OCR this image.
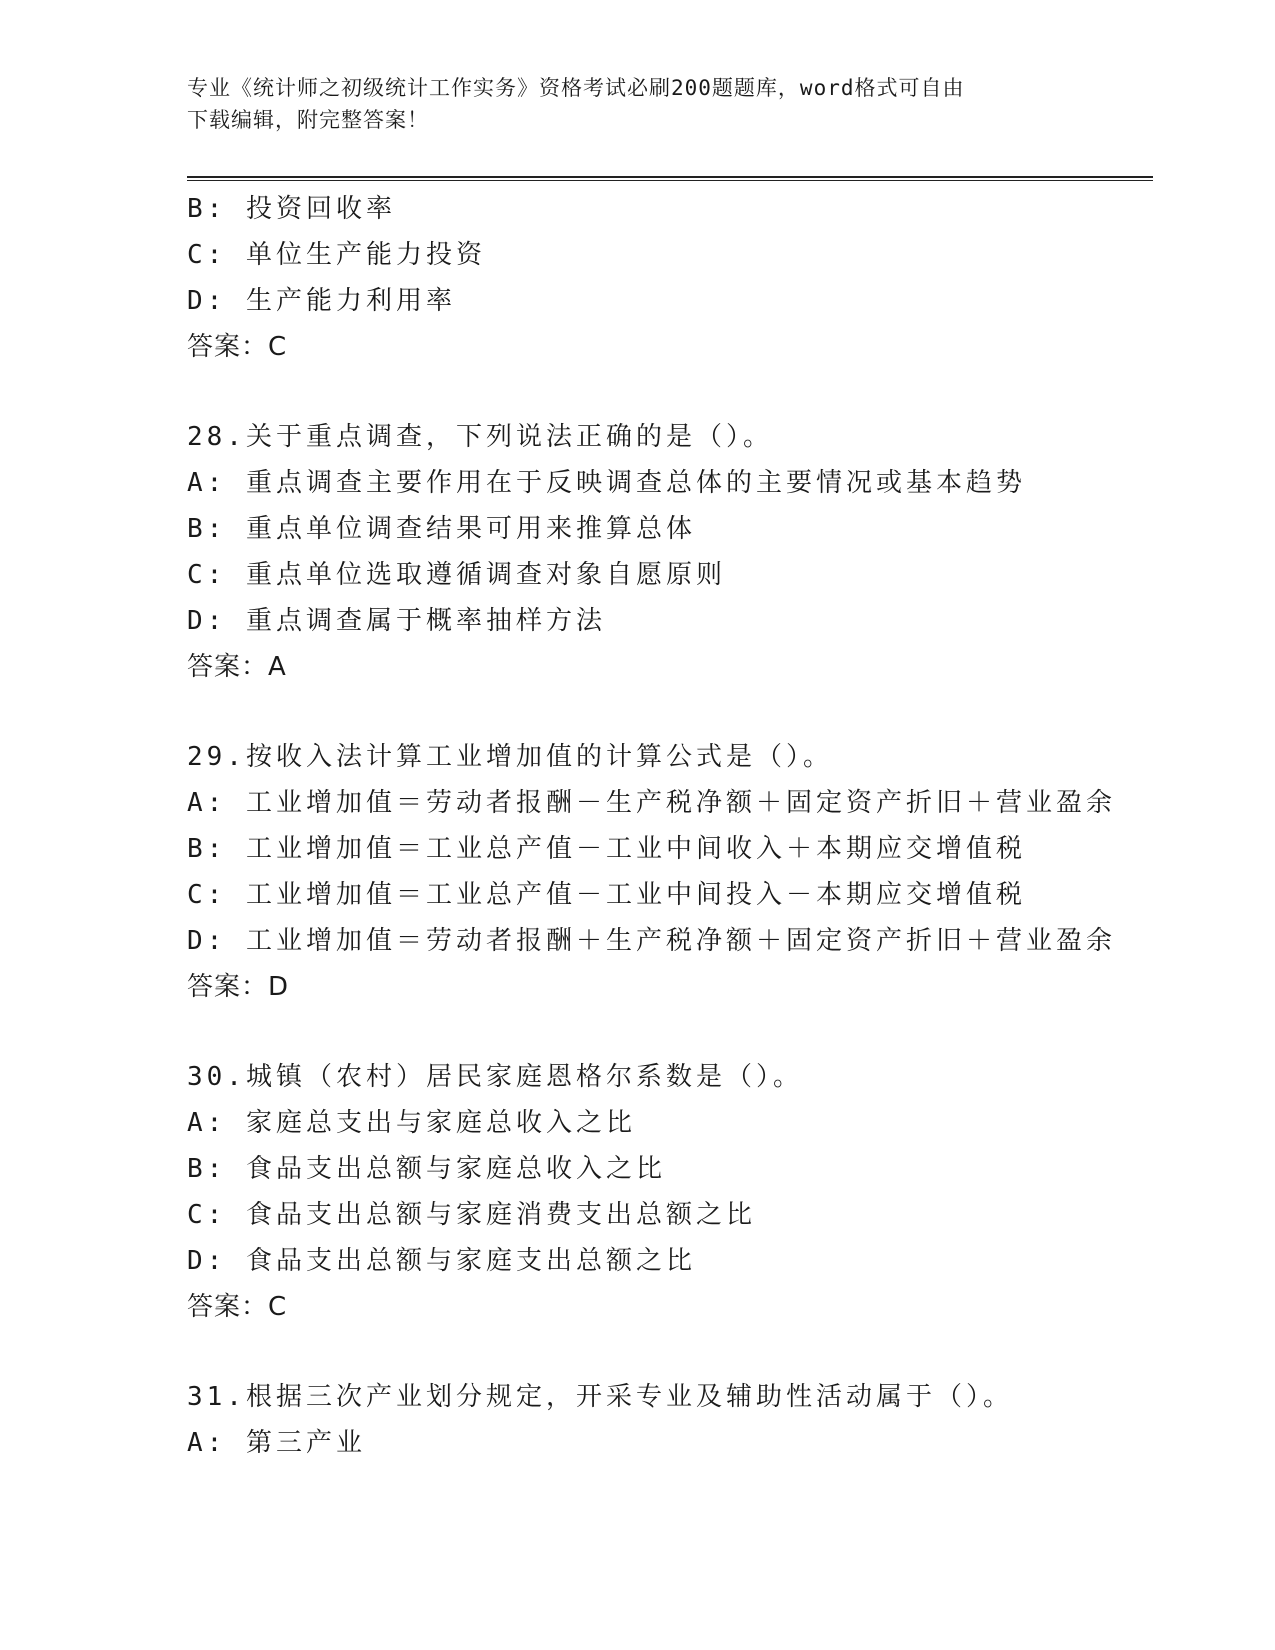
专业《统计师之初级统计工作实务》资格考试必刷200题题库，word格式可自由
下载编辑，附完整答案！
B: 投资回收率
C: 单位生产能力投资
D: 生产能力利用率
答案：C
28.关于重点调查，下列说法正确的是（）。
A: 重点调查主要作用在于反映调查总体的主要情况或基本趋势
B: 重点单位调查结果可用来推算总体
C: 重点单位选取遵循调查对象自愿原则
D: 重点调查属于概率抽样方法
答案：A
29.按收入法计算工业增加值的计算公式是（）。
A: 工业增加值＝劳动者报酬－生产税净额＋固定资产折旧＋营业盈余
B: 工业增加值＝工业总产值－工业中间收入＋本期应交增值税
C: 工业增加值＝工业总产值－工业中间投入－本期应交增值税
D: 工业增加值＝劳动者报酬＋生产税净额＋固定资产折旧＋营业盈余
答案：D
30.城镇（农村）居民家庭恩格尔系数是（）。
A: 家庭总支出与家庭总收入之比
B: 食品支出总额与家庭总收入之比
C: 食品支出总额与家庭消费支出总额之比
D: 食品支出总额与家庭支出总额之比
答案：C
31.根据三次产业划分规定，开采专业及辅助性活动属于（）。
A: 第三产业
